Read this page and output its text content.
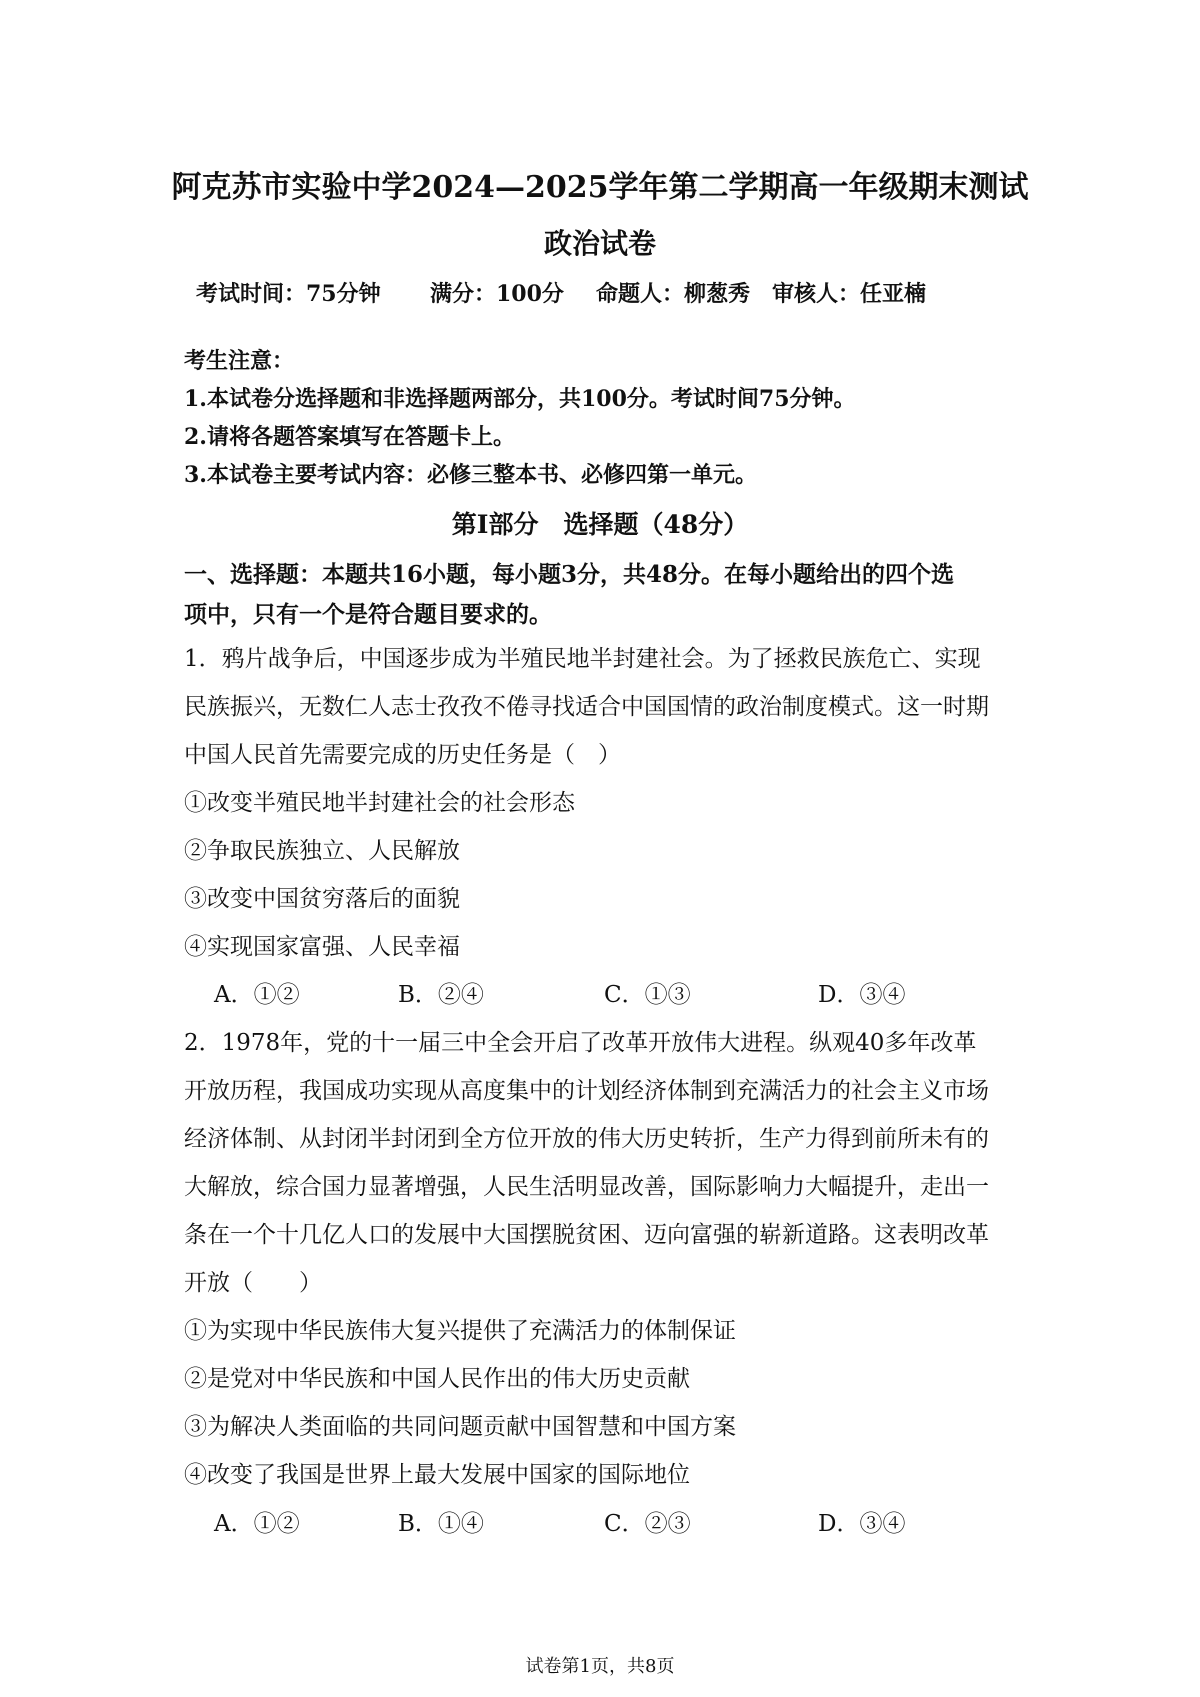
阿克苏市实验中学2024—2025学年第二学期高一年级期末测试
政治试卷
考试时间：75分钟 满分：100分 命题人：柳葱秀 审核人：任亚楠
考生注意：
1.本试卷分选择题和非选择题两部分，共100分。考试时间75分钟。
2.请将各题答案填写在答题卡上。
3.本试卷主要考试内容：必修三整本书、必修四第一单元。
第I部分　选择题（48分）
一、选择题：本题共16小题，每小题3分，共48分。在每小题给出的四个选
项中，只有一个是符合题目要求的。
1．鸦片战争后，中国逐步成为半殖民地半封建社会。为了拯救民族危亡、实现
民族振兴，无数仁人志士孜孜不倦寻找适合中国国情的政治制度模式。这一时期
中国人民首先需要完成的历史任务是（　）
①改变半殖民地半封建社会的社会形态
②争取民族独立、人民解放
③改变中国贫穷落后的面貌
④实现国家富强、人民幸福
A．①②	B．②④	C．①③	D．③④
2．1978年，党的十一届三中全会开启了改革开放伟大进程。纵观40多年改革
开放历程，我国成功实现从高度集中的计划经济体制到充满活力的社会主义市场
经济体制、从封闭半封闭到全方位开放的伟大历史转折，生产力得到前所未有的
大解放，综合国力显著增强，人民生活明显改善，国际影响力大幅提升，走出一
条在一个十几亿人口的发展中大国摆脱贫困、迈向富强的崭新道路。这表明改革
开放（　　）
①为实现中华民族伟大复兴提供了充满活力的体制保证
②是党对中华民族和中国人民作出的伟大历史贡献
③为解决人类面临的共同问题贡献中国智慧和中国方案
④改变了我国是世界上最大发展中国家的国际地位
A．①②	B．①④	C．②③	D．③④
试卷第1页，共8页
